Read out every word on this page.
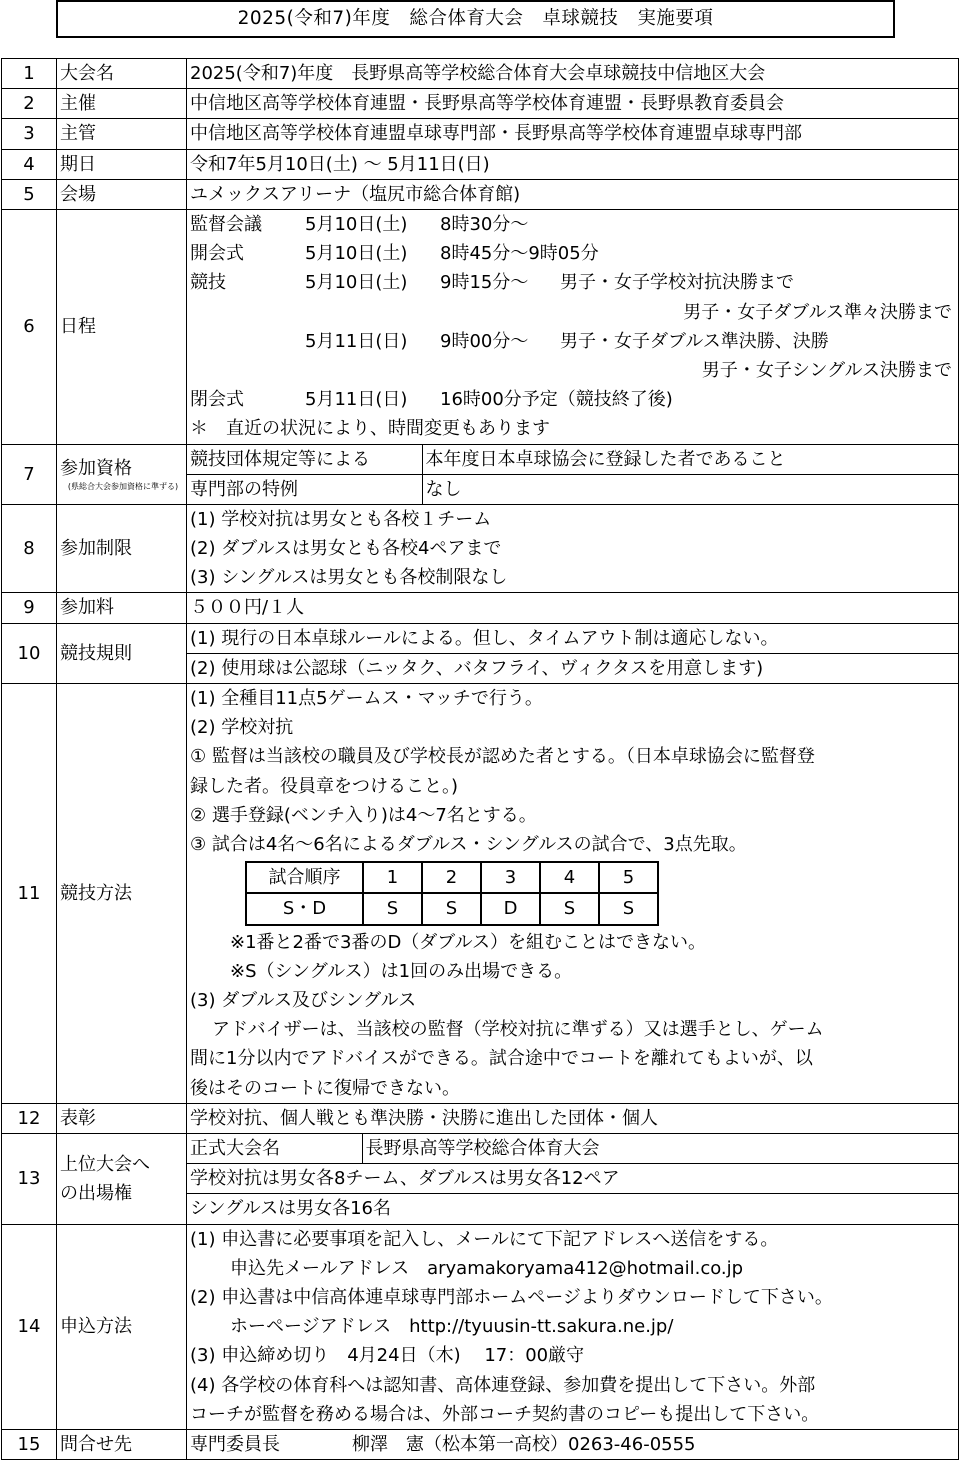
2025(令和7)年度　総合体育大会　卓球競技　実施要項
1	大会名	2025(令和7)年度　長野県高等学校総合体育大会卓球競技中信地区大会
2	主催	中信地区高等学校体育連盟・長野県高等学校体育連盟・長野県教育委員会
3	主管	中信地区高等学校体育連盟卓球専門部・長野県高等学校体育連盟卓球専門部
4	期日	令和7年5月10日(土) ～ 5月11日(日)
5	会場	ユメックスアリーナ（塩尻市総合体育館)
6	日程	
監督会議 5月10日(土) 8時30分～
開会式	5月10日(土) 8時45分～9時05分
競技	5月10日(土) 9時15分～ 男子・女子学校対抗決勝まで
男子・女子ダブルス準々決勝まで
5月11日(日) 9時00分～ 男子・女子ダブルス準決勝、決勝
男子・女子シングルス決勝まで
閉会式	5月11日(日) 16時00分予定（競技終了後)
＊　直近の状況により、時間変更もあります

7	参加資格
(県総合大会参加資格に準ずる)

競技団体規定等による	本年度日本卓球協会に登録した者であること
専門部の特例	なし

8	参加制限	
(1) 学校対抗は男女とも各校１チーム
(2) ダブルスは男女とも各校4ペアまで
(3) シングルスは男女とも各校制限なし

9	参加料	５００円/１人
10	競技規則	
(1) 現行の日本卓球ルールによる。但し、タイムアウト制は適応しない。
(2) 使用球は公認球（ニッタク、バタフライ、ヴィクタスを用意します)

11	競技方法	
(1) 全種目11点5ゲームス・マッチで行う。
(2) 学校対抗
① 監督は当該校の職員及び学校長が認めた者とする。（日本卓球協会に監督登
録した者。役員章をつけること。)
② 選手登録(ベンチ入り)は4～7名とする。
③ 試合は4名～6名によるダブルス・シングルスの試合で、3点先取。
試合順序	1	2	3	4	5
S・D	S	S	D	S	S
※1番と2番で3番のD（ダブルス）を組むことはできない。
※S（シングルス）は1回のみ出場できる。
(3) ダブルス及びシングルス
アドバイザーは、当該校の監督（学校対抗に準ずる）又は選手とし、ゲーム
間に1分以内でアドバイスができる。試合途中でコートを離れてもよいが、以
後はそのコートに復帰できない。

12	表彰	学校対抗、個人戦とも準決勝・決勝に進出した団体・個人
13	
上位大会へ
の出場権

正式大会名	長野県高等学校総合体育大会
学校対抗は男女各8チーム、ダブルスは男女各12ペア
シングルスは男女各16名

14	申込方法	
(1) 申込書に必要事項を記入し、メールにて下記アドレスへ送信をする。
申込先メールアドレス　aryamakoryama412@hotmail.co.jp
(2) 申込書は中信高体連卓球専門部ホームページよりダウンロードして下さい。
ホーページアドレス　http://tyuusin-tt.sakura.ne.jp/
(3) 申込締め切り　4月24日（木)　 17：00厳守
(4) 各学校の体育科へは認知書、高体連登録、参加費を提出して下さい。外部
コーチが監督を務める場合は、外部コーチ契約書のコピーも提出して下さい。

15	問合せ先	専門委員長　　　　柳澤　憲（松本第一高校）0263-46-0555
